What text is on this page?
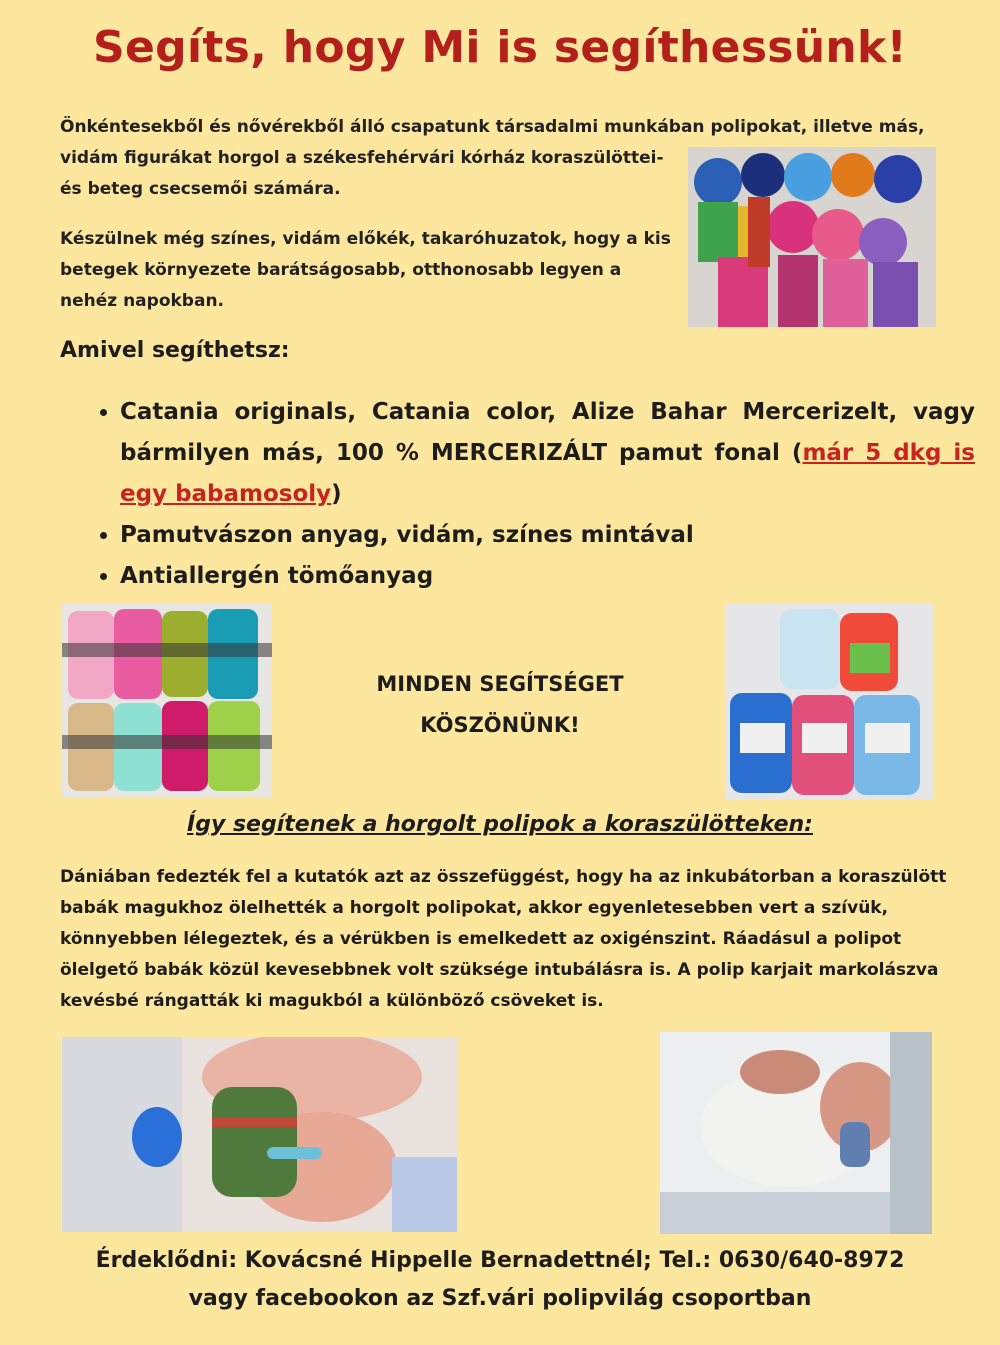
Segíts, hogy Mi is segíthessünk!
Önkéntesekből és nővérekből álló csapatunk társadalmi munkában polipokat, illetve más,
vidám figurákat horgol a székesfehérvári kórház koraszülöttei-
és beteg csecsemői számára.
Készülnek még színes, vidám előkék, takaróhuzatok, hogy a kis betegek környezete barátságosabb, otthonosabb legyen a nehéz napokban.
Amivel segíthetsz:
• Catania originals, Catania color, Alize Bahar Mercerizelt, vagy bármilyen más, 100 % MERCERIZÁLT pamut fonal (már 5 dkg is egy babamosoly)
• Pamutvászon anyag, vidám, színes mintával
• Antiallergén tömőanyag
MINDEN SEGÍTSÉGET
KÖSZÖNÜNK!
Így segítenek a horgolt polipok a koraszülötteken:
Dániában fedezték fel a kutatók azt az összefüggést, hogy ha az inkubátorban a koraszülött babák magukhoz ölelhették a horgolt polipokat, akkor egyenletesebben vert a szívük, könnyebben lélegeztek, és a vérükben is emelkedett az oxigénszint. Ráadásul a polipot ölelgető babák közül kevesebbnek volt szüksége intubálásra is. A polip karjait markolászva kevésbé rángatták ki magukból a különböző csöveket is.
Érdeklődni: Kovácsné Hippelle Bernadettnél; Tel.: 0630/640-8972
vagy facebookon az Szf.vári polipvilág csoportban
